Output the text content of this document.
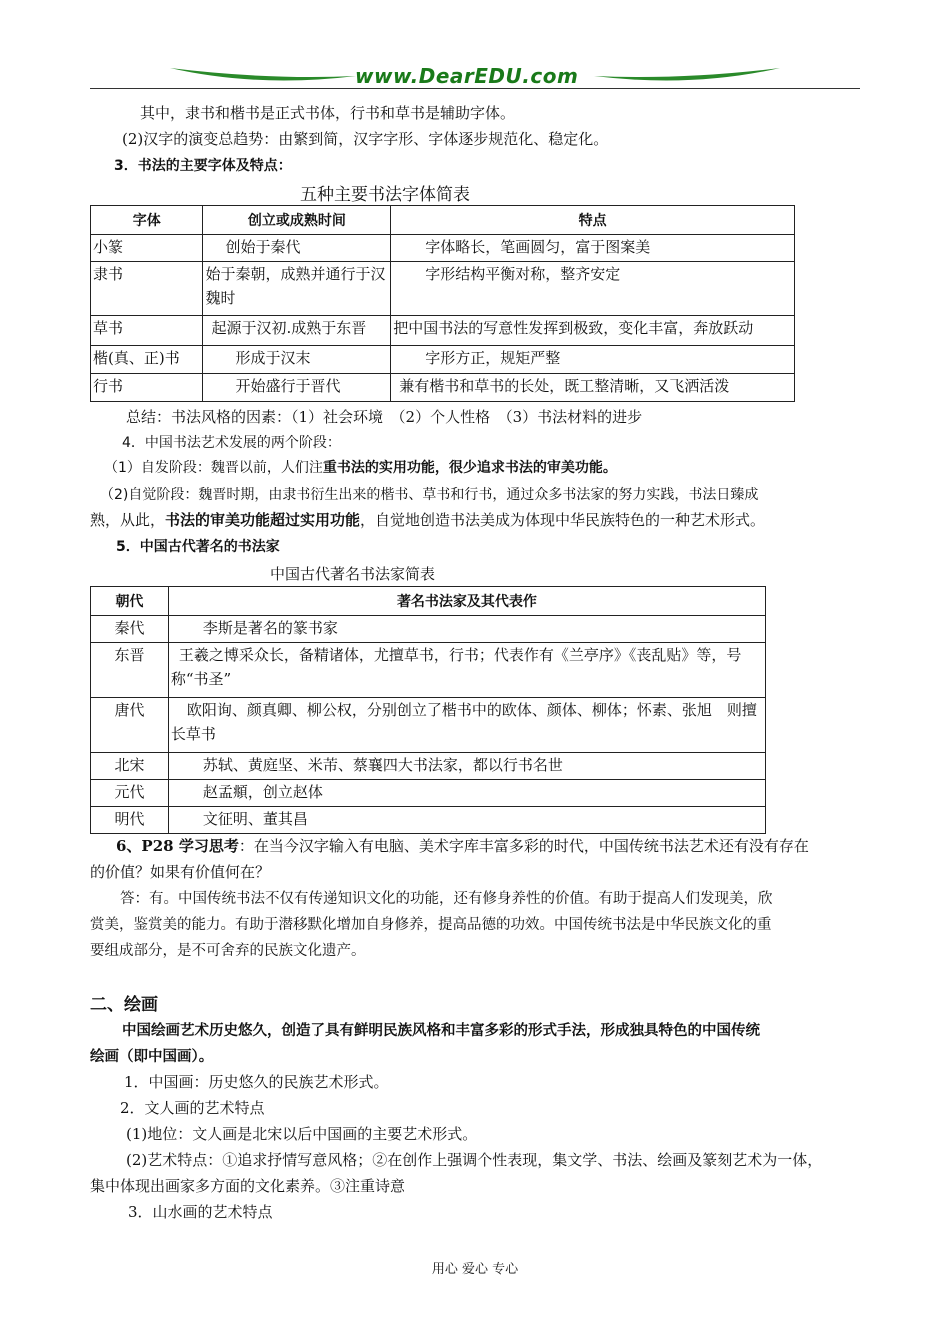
www.DearEDU.com
其中，隶书和楷书是正式书体，行书和草书是辅助字体。
(2)汉字的演变总趋势：由繁到简，汉字字形、字体逐步规范化、稳定化。
3．书法的主要字体及特点：
五种主要书法字体简表
字体	创立或成熟时间	特点
小篆	创始于秦代	字体略长，笔画圆匀，富于图案美
隶书	始于秦朝，成熟并通行于汉魏时	字形结构平衡对称，整齐安定
草书	起源于汉初.成熟于东晋	把中国书法的写意性发挥到极致，变化丰富，奔放跃动
楷(真、正)书	形成于汉末	字形方正，规矩严整
行书	开始盛行于晋代	兼有楷书和草书的长处，既工整清晰，又飞洒活泼
总结：书法风格的因素：（1）社会环境　（2）个人性格　（3）书法材料的进步
4．中国书法艺术发展的两个阶段：
（1）自发阶段：魏晋以前，人们注重书法的实用功能，很少追求书法的审美功能。
（2)自觉阶段：魏晋时期，由隶书衍生出来的楷书、草书和行书，通过众多书法家的努力实践，书法日臻成
熟，从此，书法的审美功能超过实用功能，自觉地创造书法美成为体现中华民族特色的一种艺术形式。
5．中国古代著名的书法家
中国古代著名书法家简表
朝代	著名书法家及其代表作
秦代	李斯是著名的篆书家
东晋	王羲之博采众长，备精诸体，尤擅草书，行书；代表作有《兰亭序》《丧乱贴》等，号称“书圣”
唐代	欧阳询、颜真卿、柳公权，分别创立了楷书中的欧体、颜体、柳体；怀素、张旭　则擅长草书
北宋	苏轼、黄庭坚、米芾、蔡襄四大书法家，都以行书名世
元代	赵孟頫，创立赵体
明代	文征明、董其昌
6、P28 学习思考：在当今汉字输入有电脑、美术字库丰富多彩的时代，中国传统书法艺术还有没有存在
的价值？如果有价值何在？
答：有。中国传统书法不仅有传递知识文化的功能，还有修身养性的价值。有助于提高人们发现美，欣
赏美，鉴赏美的能力。有助于潜移默化增加自身修养，提高品德的功效。中国传统书法是中华民族文化的重
要组成部分，是不可舍弃的民族文化遗产。
二、绘画
中国绘画艺术历史悠久，创造了具有鲜明民族风格和丰富多彩的形式手法，形成独具特色的中国传统
绘画（即中国画）。
1．中国画：历史悠久的民族艺术形式。
2．文人画的艺术特点
(1)地位：文人画是北宋以后中国画的主要艺术形式。
(2)艺术特点：①追求抒情写意风格；②在创作上强调个性表现，集文学、书法、绘画及篆刻艺术为一体，
集中体现出画家多方面的文化素养。③注重诗意
3．山水画的艺术特点
用心 爱心 专心
